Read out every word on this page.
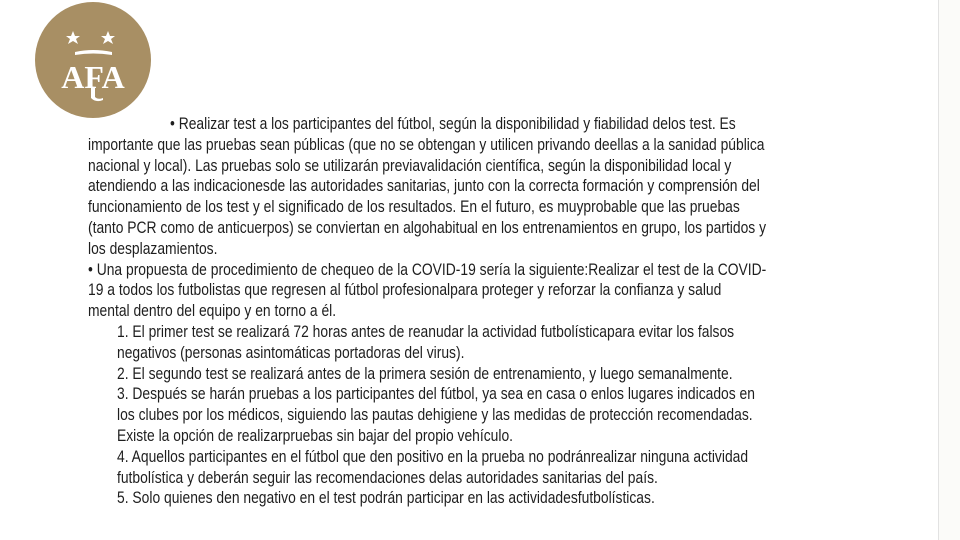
AFA
• Realizar test a los participantes del fútbol, según la disponibilidad y fiabilidad delos test. Es
importante que las pruebas sean públicas (que no se obtengan y utilicen privando deellas a la sanidad pública
nacional y local). Las pruebas solo se utilizarán previavalidación científica, según la disponibilidad local y
atendiendo a las indicacionesde las autoridades sanitarias, junto con la correcta formación y comprensión del
funcionamiento de los test y el significado de los resultados. En el futuro, es muyprobable que las pruebas
(tanto PCR como de anticuerpos) se conviertan en algohabitual en los entrenamientos en grupo, los partidos y
los desplazamientos.
• Una propuesta de procedimiento de chequeo de la COVID-19 sería la siguiente:Realizar el test de la COVID-
19 a todos los futbolistas que regresen al fútbol profesionalpara proteger y reforzar la confianza y salud
mental dentro del equipo y en torno a él.
1. El primer test se realizará 72 horas antes de reanudar la actividad futbolísticapara evitar los falsos
negativos (personas asintomáticas portadoras del virus).
2. El segundo test se realizará antes de la primera sesión de entrenamiento, y luego semanalmente.
3. Después se harán pruebas a los participantes del fútbol, ya sea en casa o enlos lugares indicados en
los clubes por los médicos, siguiendo las pautas dehigiene y las medidas de protección recomendadas.
Existe la opción de realizarpruebas sin bajar del propio vehículo.
4. Aquellos participantes en el fútbol que den positivo en la prueba no podránrealizar ninguna actividad
futbolística y deberán seguir las recomendaciones delas autoridades sanitarias del país.
5. Solo quienes den negativo en el test podrán participar en las actividadesfutbolísticas.
